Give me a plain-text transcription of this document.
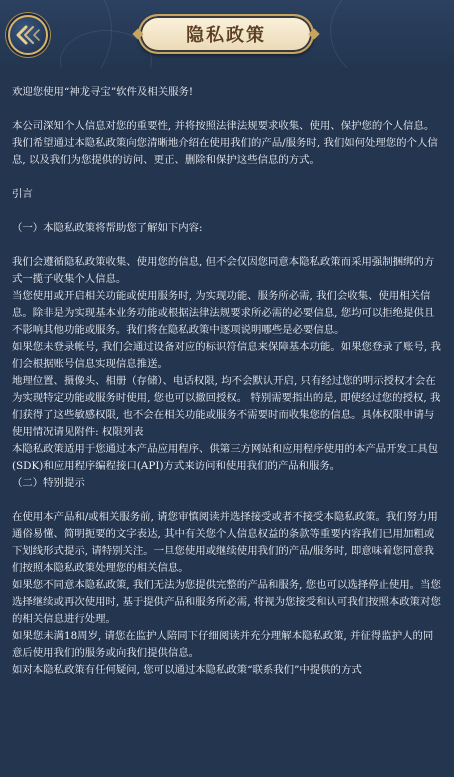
隐私政策

欢迎您使用“神龙寻宝”软件及相关服务!

本公司深知个人信息对您的重要性, 并将按照法律法规要求收集、使用、保护您的个人信息。我们希望通过本隐私政策向您清晰地介绍在使用我们的产品/服务时, 我们如何处理您的个人信息, 以及我们为您提供的访问、更正、删除和保护这些信息的方式。

引言

（一）本隐私政策将帮助您了解如下内容:

我们会遵循隐私政策收集、使用您的信息, 但不会仅因您同意本隐私政策而采用强制捆绑的方式一揽子收集个人信息。

当您使用或开启相关功能或使用服务时, 为实现功能、服务所必需, 我们会收集、使用相关信息。除非是为实现基本业务功能或根据法律法规要求所必需的必要信息, 您均可以拒绝提供且不影响其他功能或服务。我们将在隐私政策中逐项说明哪些是必要信息。

如果您未登录帐号, 我们会通过设备对应的标识符信息来保障基本功能。如果您登录了账号, 我们会根据账号信息实现信息推送。

地理位置、摄像头、相册（存储）、电话权限, 均不会默认开启, 只有经过您的明示授权才会在为实现特定功能或服务时使用, 您也可以撤回授权。 特别需要指出的是, 即使经过您的授权, 我们获得了这些敏感权限, 也不会在相关功能或服务不需要时而收集您的信息。具体权限申请与使用情况请见附件: 权限列表

本隐私政策适用于您通过本产品应用程序、供第三方网站和应用程序使用的本产品开发工具包(SDK)和应用程序编程接口(API)方式来访问和使用我们的产品和服务。

（二）特别提示

在使用本产品和/或相关服务前, 请您审慎阅读并选择接受或者不接受本隐私政策。我们努力用通俗易懂、简明扼要的文字表达, 其中有关您个人信息权益的条款等重要内容我们已用加粗或下划线形式提示, 请特别关注。一旦您使用或继续使用我们的产品/服务时, 即意味着您同意我们按照本隐私政策处理您的相关信息。

如果您不同意本隐私政策, 我们无法为您提供完整的产品和服务, 您也可以选择停止使用。当您选择继续或再次使用时, 基于提供产品和服务所必需, 将视为您接受和认可我们按照本政策对您的相关信息进行处理。

如果您未满18周岁, 请您在监护人陪同下仔细阅读并充分理解本隐私政策, 并征得监护人的同意后使用我们的服务或向我们提供信息。

如对本隐私政策有任何疑问, 您可以通过本隐私政策“联系我们”中提供的方式
